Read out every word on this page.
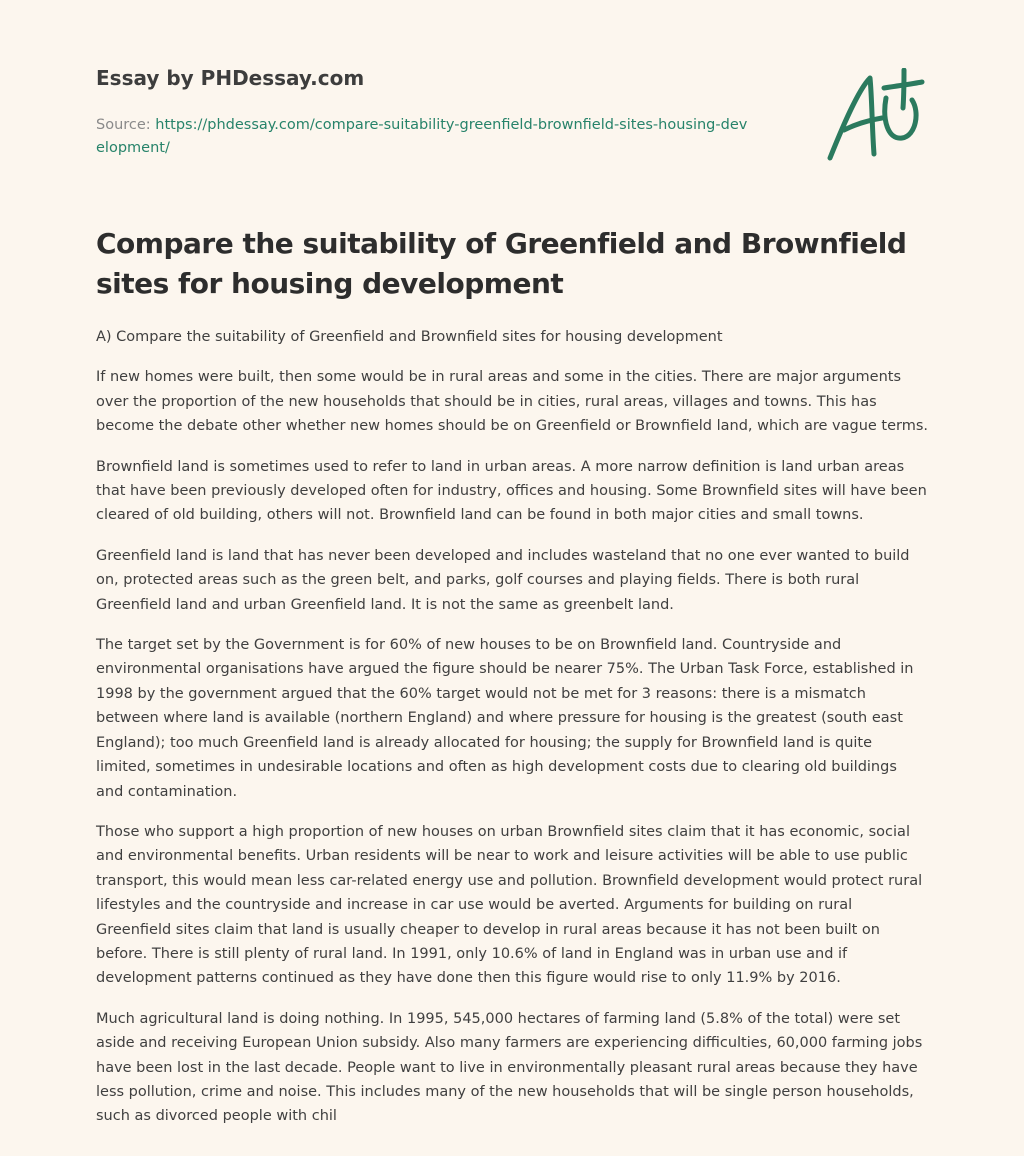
Essay by PHDessay.com
Source: https://phdessay.com/compare-suitability-greenfield-brownfield-sites-housing-development/
Compare the suitability of Greenfield and Brownfield sites for housing development

A) Compare the suitability of Greenfield and Brownfield sites for housing development

If new homes were built, then some would be in rural areas and some in the cities. There are major arguments over the proportion of the new households that should be in cities, rural areas, villages and towns. This has become the debate other whether new homes should be on Greenfield or Brownfield land, which are vague terms.

Brownfield land is sometimes used to refer to land in urban areas. A more narrow definition is land urban areas that have been previously developed often for industry, offices and housing. Some Brownfield sites will have been cleared of old building, others will not. Brownfield land can be found in both major cities and small towns.

Greenfield land is land that has never been developed and includes wasteland that no one ever wanted to build on, protected areas such as the green belt, and parks, golf courses and playing fields. There is both rural Greenfield land and urban Greenfield land. It is not the same as greenbelt land.

The target set by the Government is for 60% of new houses to be on Brownfield land. Countryside and environmental organisations have argued the figure should be nearer 75%. The Urban Task Force, established in 1998 by the government argued that the 60% target would not be met for 3 reasons: there is a mismatch between where land is available (northern England) and where pressure for housing is the greatest (south east England); too much Greenfield land is already allocated for housing; the supply for Brownfield land is quite limited, sometimes in undesirable locations and often as high development costs due to clearing old buildings and contamination.

Those who support a high proportion of new houses on urban Brownfield sites claim that it has economic, social and environmental benefits. Urban residents will be near to work and leisure activities will be able to use public transport, this would mean less car-related energy use and pollution. Brownfield development would protect rural lifestyles and the countryside and increase in car use would be averted. Arguments for building on rural Greenfield sites claim that land is usually cheaper to develop in rural areas because it has not been built on before. There is still plenty of rural land. In 1991, only 10.6% of land in England was in urban use and if development patterns continued as they have done then this figure would rise to only 11.9% by 2016.

Much agricultural land is doing nothing. In 1995, 545,000 hectares of farming land (5.8% of the total) were set aside and receiving European Union subsidy. Also many farmers are experiencing difficulties, 60,000 farming jobs have been lost in the last decade. People want to live in environmentally pleasant rural areas because they have less pollution, crime and noise. This includes many of the new households that will be single person households, such as divorced people with chil
